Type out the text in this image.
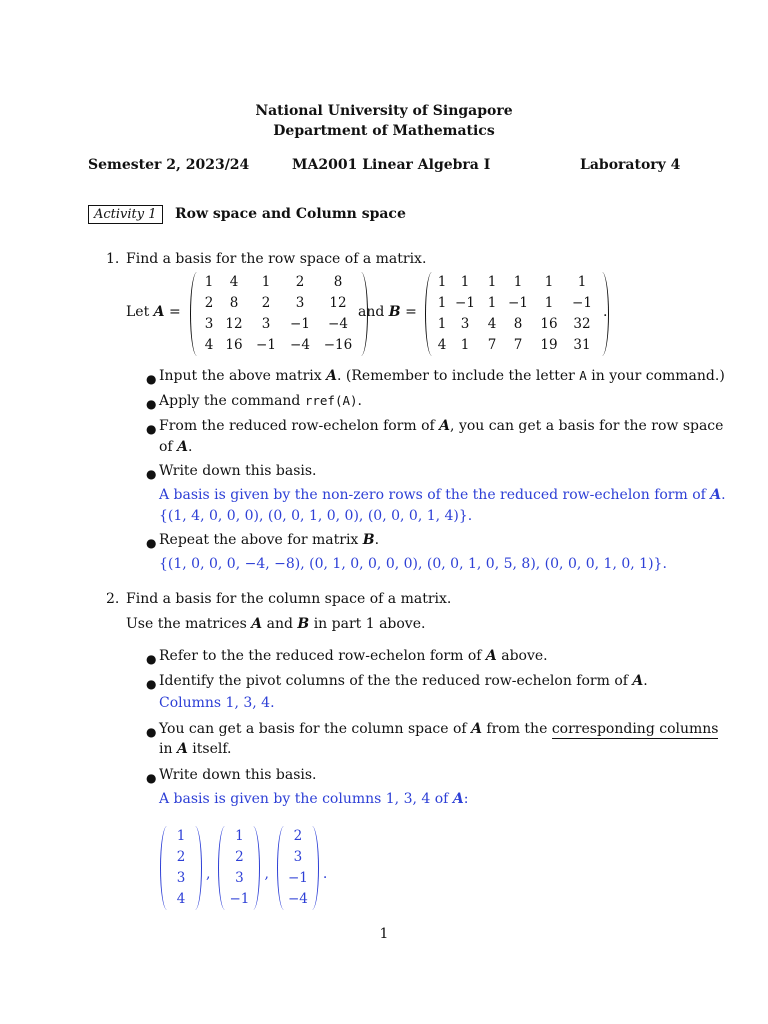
National University of Singapore
Department of Mathematics
Semester 2, 2023/24	MA2001 Linear Algebra I	Laboratory 4
Activity 1 Row space and Column space
1. Find a basis for the row space of a matrix.
Let A =
1	4	1	2	8
2	8	2	3	12
3 12	3	−1	−4
4 16 −1	−4	−16
and B =
1	1	1	1	1	1
1 −1 1 −1	1	−1
1	3	4	8	16	32
4	1	7	7	19	31
.
● Input the above matrix A. (Remember to include the letter A in your command.)
● Apply the command rref(A).
● From the reduced row-echelon form of A, you can get a basis for the row space
of A.
● Write down this basis.
A basis is given by the non-zero rows of the the reduced row-echelon form of A.
{(1, 4, 0, 0, 0), (0, 0, 1, 0, 0), (0, 0, 0, 1, 4)}.
● Repeat the above for matrix B.
{(1, 0, 0, 0, −4, −8), (0, 1, 0, 0, 0, 0), (0, 0, 1, 0, 5, 8), (0, 0, 0, 1, 0, 1)}.
2. Find a basis for the column space of a matrix.
Use the matrices A and B in part 1 above.
● Refer to the the reduced row-echelon form of A above.
● Identify the pivot columns of the the reduced row-echelon form of A.
Columns 1, 3, 4.
● You can get a basis for the column space of A from the corresponding columns
in A itself.
● Write down this basis.
A basis is given by the columns 1, 3, 4 of A:
1
2
3
4
,
1
2
3
−1
,
2
3
−1
−4
.
1
